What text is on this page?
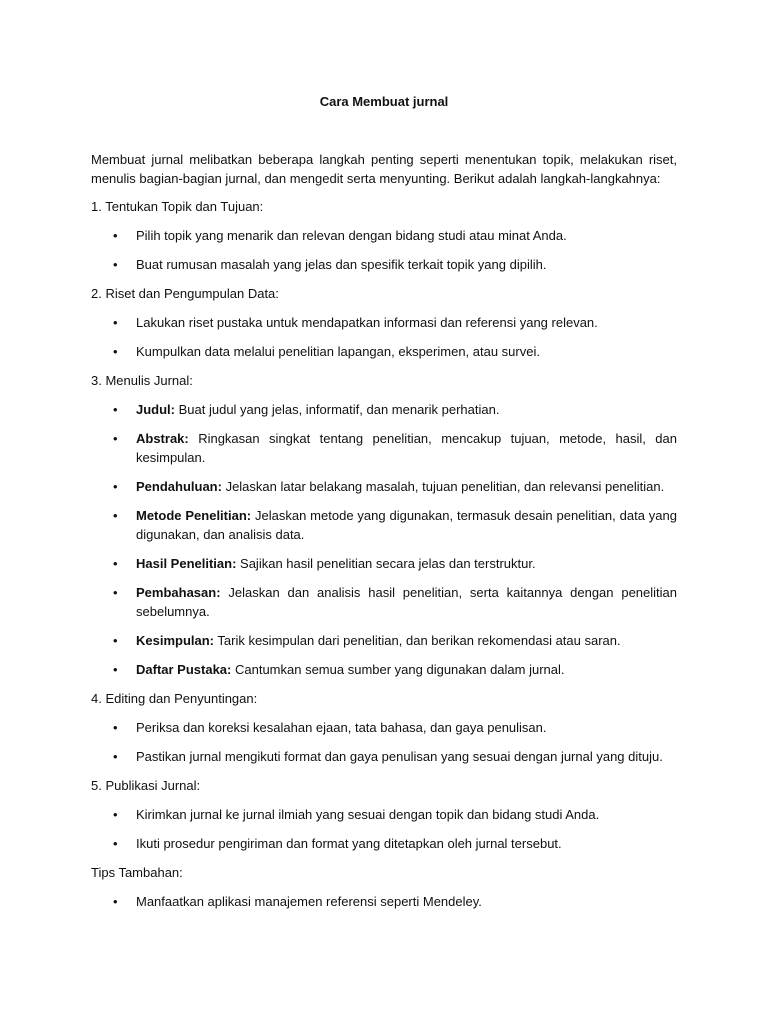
Cara Membuat jurnal

Membuat jurnal melibatkan beberapa langkah penting seperti menentukan topik, melakukan riset, menulis bagian-bagian jurnal, dan mengedit serta menyunting. Berikut adalah langkah-langkahnya:

1. Tentukan Topik dan Tujuan:
• Pilih topik yang menarik dan relevan dengan bidang studi atau minat Anda.
• Buat rumusan masalah yang jelas dan spesifik terkait topik yang dipilih.
2. Riset dan Pengumpulan Data:
• Lakukan riset pustaka untuk mendapatkan informasi dan referensi yang relevan.
• Kumpulkan data melalui penelitian lapangan, eksperimen, atau survei.
3. Menulis Jurnal:
• Judul: Buat judul yang jelas, informatif, dan menarik perhatian.
• Abstrak: Ringkasan singkat tentang penelitian, mencakup tujuan, metode, hasil, dan kesimpulan.
• Pendahuluan: Jelaskan latar belakang masalah, tujuan penelitian, dan relevansi penelitian.
• Metode Penelitian: Jelaskan metode yang digunakan, termasuk desain penelitian, data yang digunakan, dan analisis data.
• Hasil Penelitian: Sajikan hasil penelitian secara jelas dan terstruktur.
• Pembahasan: Jelaskan dan analisis hasil penelitian, serta kaitannya dengan penelitian sebelumnya.
• Kesimpulan: Tarik kesimpulan dari penelitian, dan berikan rekomendasi atau saran.
• Daftar Pustaka: Cantumkan semua sumber yang digunakan dalam jurnal.
4. Editing dan Penyuntingan:
• Periksa dan koreksi kesalahan ejaan, tata bahasa, dan gaya penulisan.
• Pastikan jurnal mengikuti format dan gaya penulisan yang sesuai dengan jurnal yang dituju.
5. Publikasi Jurnal:
• Kirimkan jurnal ke jurnal ilmiah yang sesuai dengan topik dan bidang studi Anda.
• Ikuti prosedur pengiriman dan format yang ditetapkan oleh jurnal tersebut.
Tips Tambahan:
• Manfaatkan aplikasi manajemen referensi seperti Mendeley.
